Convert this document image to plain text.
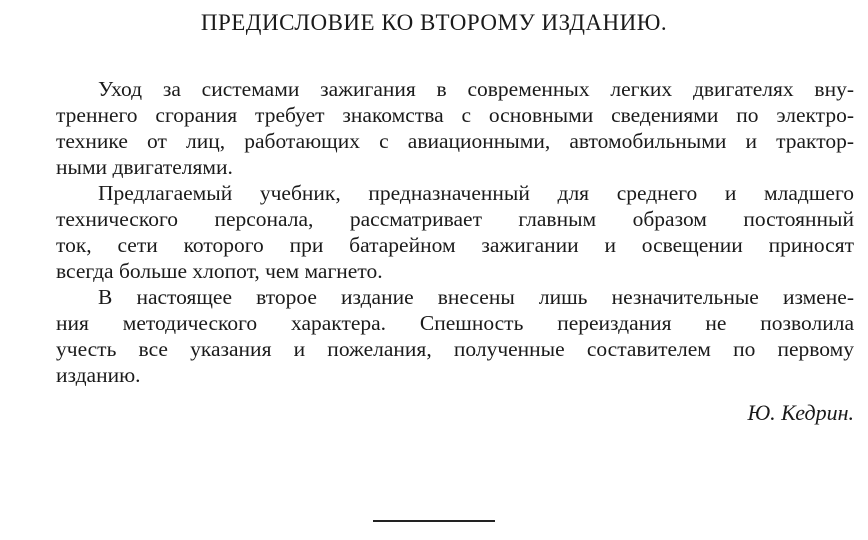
ПРЕДИСЛОВИЕ КО ВТОРОМУ ИЗДАНИЮ.

Уход за системами зажигания в современных легких двигателях вну-
треннего сгорания требует знакомства с основными сведениями по электро-
технике от лиц, работающих с авиационными, автомобильными и трактор-
ными двигателями.

Предлагаемый учебник, предназначенный для среднего и младшего
технического персонала, рассматривает главным образом постоянный
ток, сети которого при батарейном зажигании и освещении приносят
всегда больше хлопот, чем магнето.

В настоящее второе издание внесены лишь незначительные измене-
ния методического характера. Спешность переиздания не позволила
учесть все указания и пожелания, полученные составителем по первому
изданию.

Ю. Кедрин.
